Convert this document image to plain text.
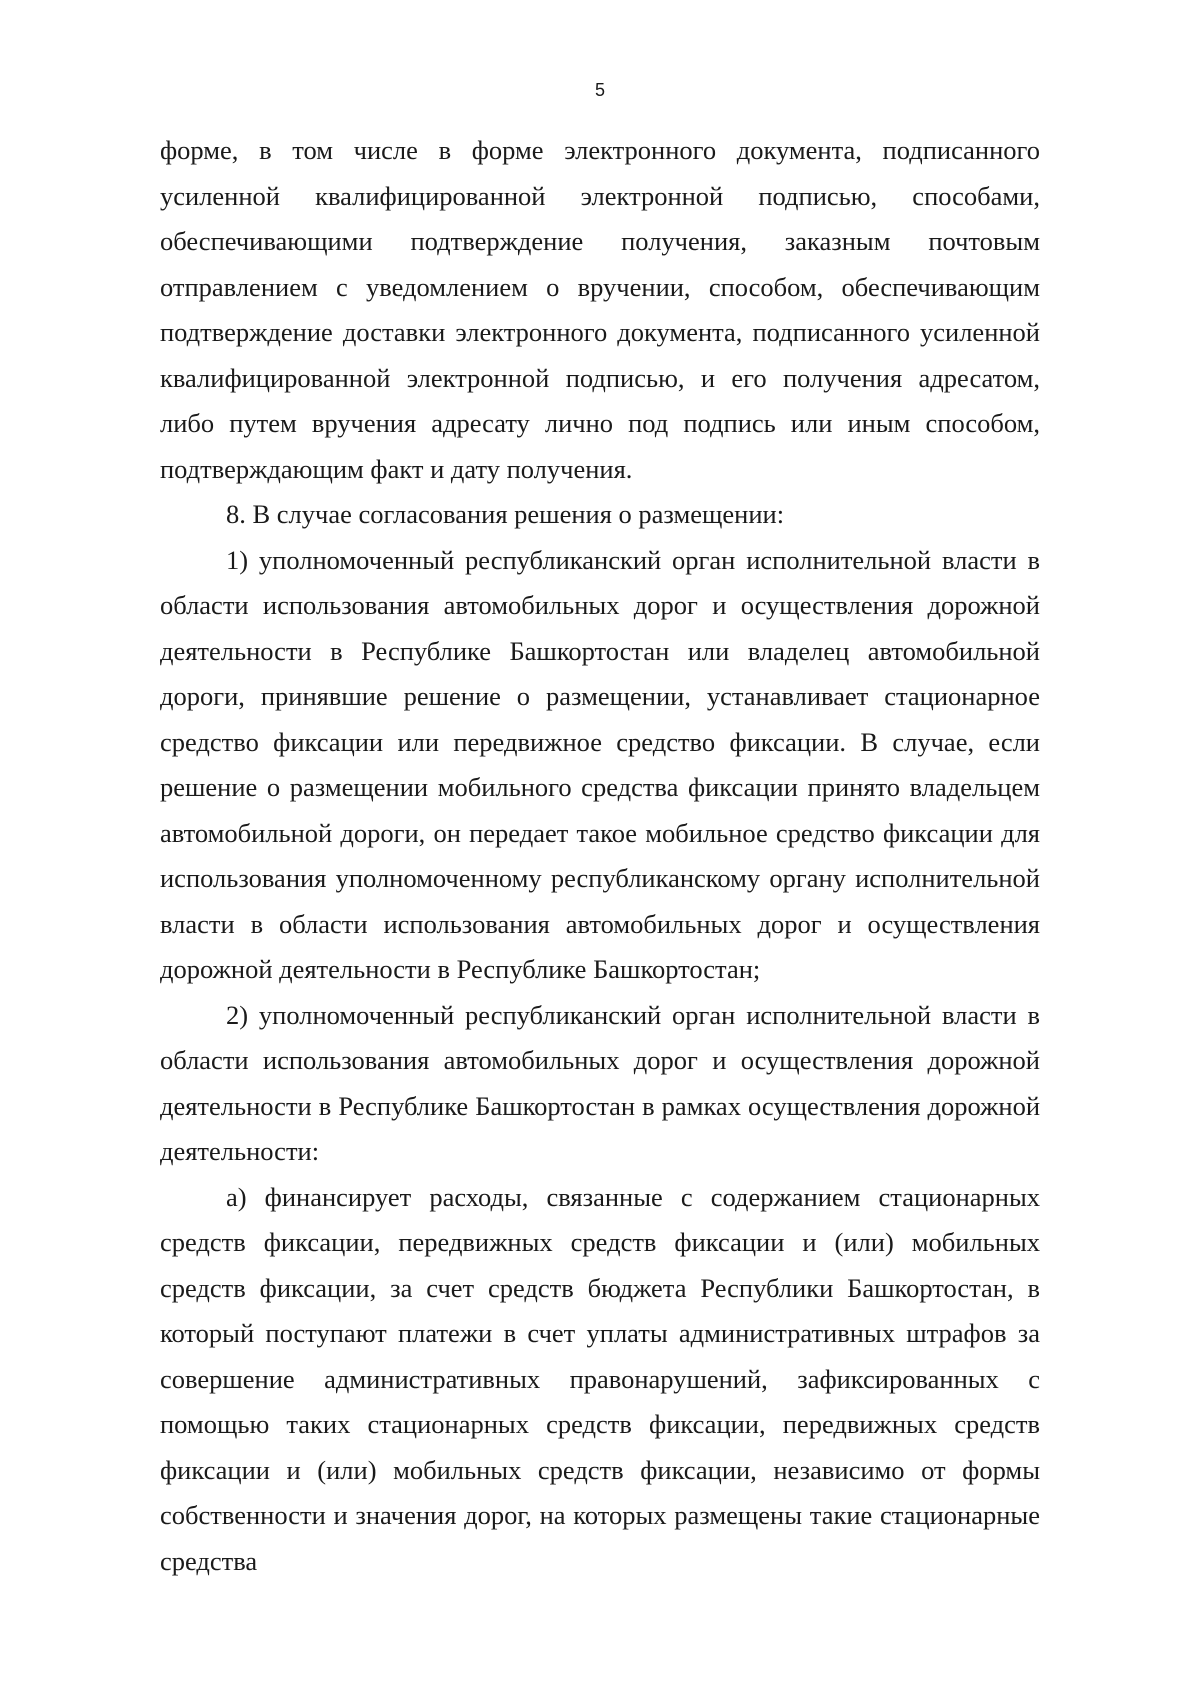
5

форме, в том числе в форме электронного документа, подписанного усиленной квалифицированной электронной подписью, способами, обеспечивающими подтверждение получения, заказным почтовым отправлением с уведомлением о вручении, способом, обеспечивающим подтверждение доставки электронного документа, подписанного усиленной квалифицированной электронной подписью, и его получения адресатом, либо путем вручения адресату лично под подпись или иным способом, подтверждающим факт и дату получения.

8. В случае согласования решения о размещении:

1) уполномоченный республиканский орган исполнительной власти в области использования автомобильных дорог и осуществления дорожной деятельности в Республике Башкортостан или владелец автомобильной дороги, принявшие решение о размещении, устанавливает стационарное средство фиксации или передвижное средство фиксации. В случае, если решение о размещении мобильного средства фиксации принято владельцем автомобильной дороги, он передает такое мобильное средство фиксации для использования уполномоченному республиканскому органу исполнительной власти в области использования автомобильных дорог и осуществления дорожной деятельности в Республике Башкортостан;

2) уполномоченный республиканский орган исполнительной власти в области использования автомобильных дорог и осуществления дорожной деятельности в Республике Башкортостан в рамках осуществления дорожной деятельности:

а) финансирует расходы, связанные с содержанием стационарных средств фиксации, передвижных средств фиксации и (или) мобильных средств фиксации, за счет средств бюджета Республики Башкортостан, в который поступают платежи в счет уплаты административных штрафов за совершение административных правонарушений, зафиксированных с помощью таких стационарных средств фиксации, передвижных средств фиксации и (или) мобильных средств фиксации, независимо от формы собственности и значения дорог, на которых размещены такие стационарные средства
